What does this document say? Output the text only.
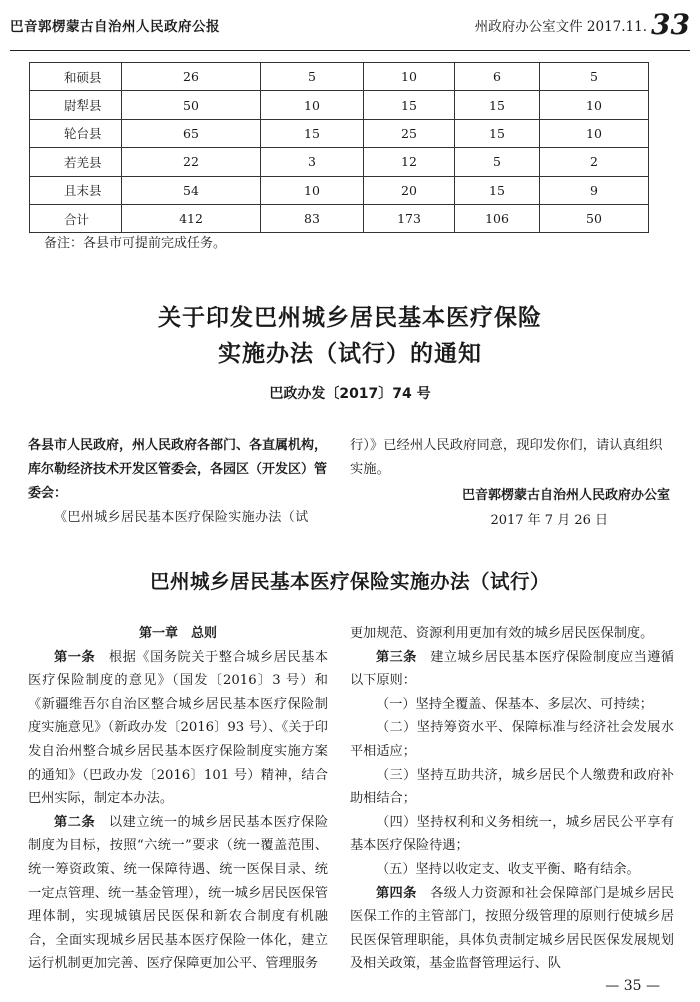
巴音郭楞蒙古自治州人民政府公报	州政府办公室文件 2017.11. 33
和硕县	26	5	10	6	5
尉犁县	50	10	15	15	10
轮台县	65	15	25	15	10
若羌县	22	3	12	5	2
且末县	54	10	20	15	9
合计	412	83	173	106	50
备注：各县市可提前完成任务。
关于印发巴州城乡居民基本医疗保险
实施办法（试行）的通知
巴政办发〔2017〕74 号
各县市人民政府，州人民政府各部门、各直属机构，库尔勒经济技术开发区管委会，各园区（开发区）管委会：
《巴州城乡居民基本医疗保险实施办法（试
行）》已经州人民政府同意，现印发你们，请认真组织实施。
巴音郭楞蒙古自治州人民政府办公室
2017 年 7 月 26 日
巴州城乡居民基本医疗保险实施办法（试行）
第一章　总则

第一条　 根据《国务院关于整合城乡居民基本医疗保险制度的意见》（国发〔2016〕3 号）和《新疆维吾尔自治区整合城乡居民基本医疗保险制度实施意见》（新政办发〔2016〕93 号）、《关于印发自治州整合城乡居民基本医疗保险制度实施方案的通知》（巴政办发〔2016〕101 号）精神，结合巴州实际，制定本办法。

第二条　 以建立统一的城乡居民基本医疗保险制度为目标，按照“六统一”要求（统一覆盖范围、统一筹资政策、统一保障待遇、统一医保目录、统一定点管理、统一基金管理），统一城乡居民医保管理体制，实现城镇居民医保和新农合制度有机融合，全面实现城乡居民基本医疗保险一体化，建立运行机制更加完善、医疗保障更加公平、管理服务

更加规范、资源利用更加有效的城乡居民医保制度。

第三条　 建立城乡居民基本医疗保险制度应当遵循以下原则：

（一）坚持全覆盖、保基本、多层次、可持续；

（二）坚持筹资水平、保障标准与经济社会发展水平相适应；

（三）坚持互助共济，城乡居民个人缴费和政府补助相结合；

（四）坚持权利和义务相统一，城乡居民公平享有基本医疗保险待遇；

（五）坚持以收定支、收支平衡、略有结余。

第四条　 各级人力资源和社会保障部门是城乡居民医保工作的主管部门，按照分级管理的原则行使城乡居民医保管理职能，具体负责制定城乡居民医保发展规划及相关政策，基金监督管理运行、队

— 35 —
